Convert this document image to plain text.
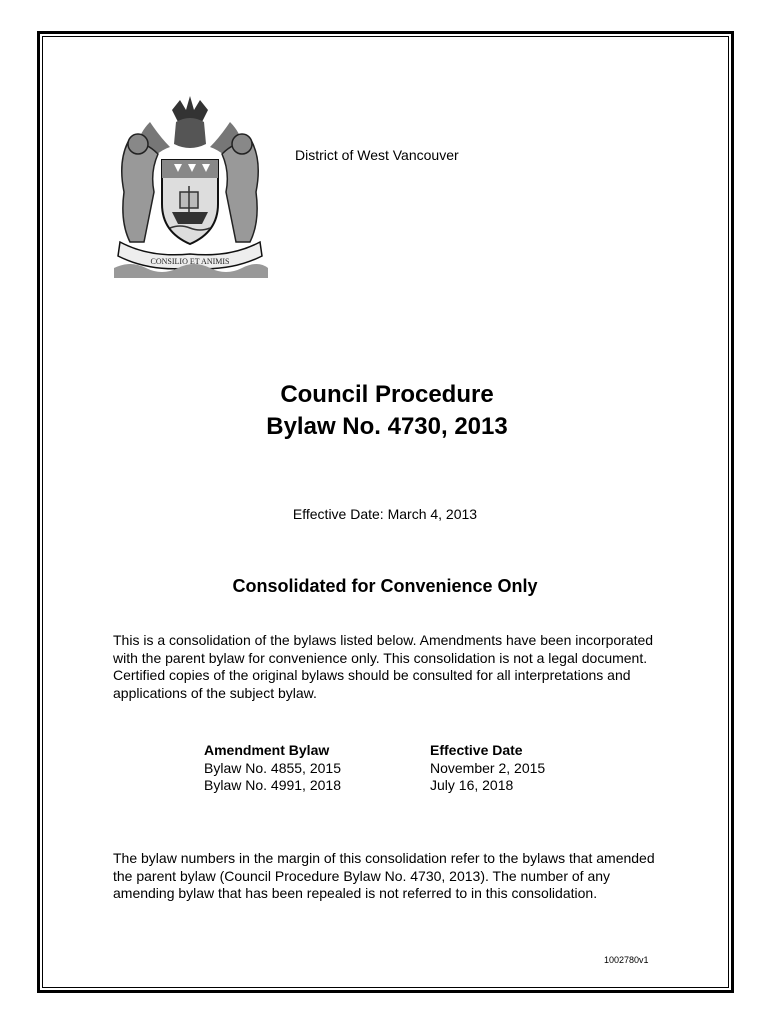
CONSILIO ET ANIMIS
District of West Vancouver
Council Procedure
Bylaw No. 4730, 2013
Effective Date: March 4, 2013
Consolidated for Convenience Only

This is a consolidation of the bylaws listed below. Amendments have been incorporated with the parent bylaw for convenience only. This consolidation is not a legal document. Certified copies of the original bylaws should be consulted for all interpretations and applications of the subject bylaw.

Amendment Bylaw
Bylaw No. 4855, 2015
Bylaw No. 4991, 2018
Effective Date
November 2, 2015
July 16, 2018

The bylaw numbers in the margin of this consolidation refer to the bylaws that amended the parent bylaw (Council Procedure Bylaw No. 4730, 2013). The number of any amending bylaw that has been repealed is not referred to in this consolidation.

1002780v1
